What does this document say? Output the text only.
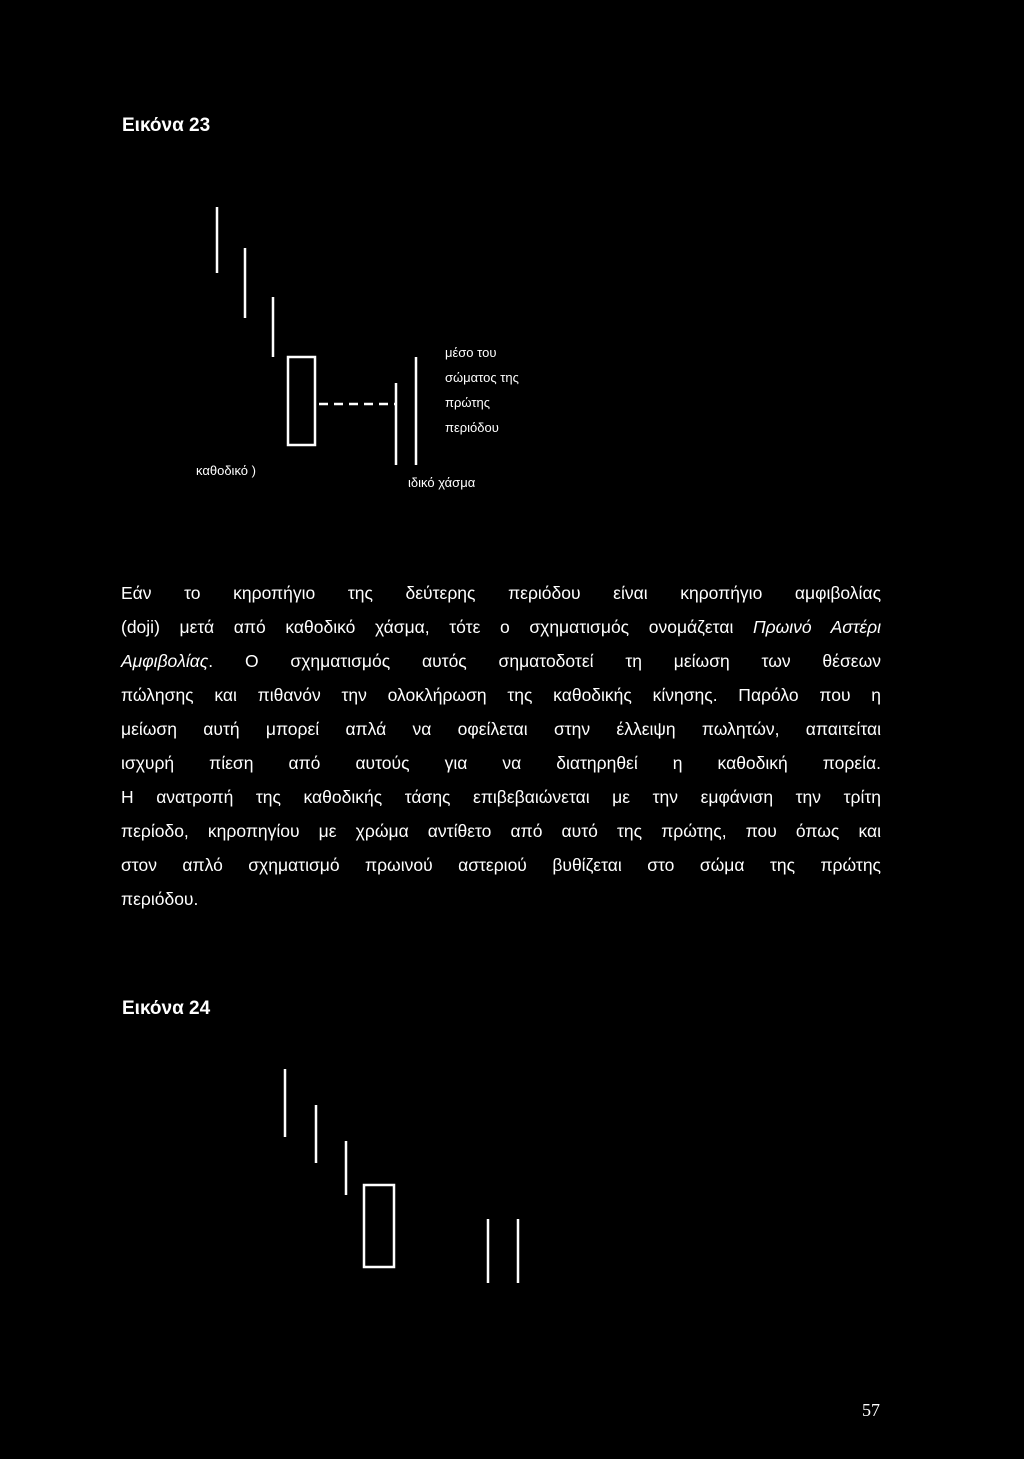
Εικόνα 23
μέσο του
σώματος της
πρώτης
περιόδου
καθοδικό )
ιδικό χάσμα
Εάν το κηροπήγιο της δεύτερης περιόδου είναι κηροπήγιο αμφιβολίας
(doji) μετά από καθοδικό χάσμα, τότε ο σχηματισμός ονομάζεται Πρωινό Αστέρι
Αμφιβολίας. Ο σχηματισμός αυτός σηματοδοτεί τη μείωση των θέσεων
πώλησης και πιθανόν την ολοκλήρωση της καθοδικής κίνησης. Παρόλο που η
μείωση αυτή μπορεί απλά να οφείλεται στην έλλειψη πωλητών, απαιτείται
ισχυρή πίεση από αυτούς για να διατηρηθεί η καθοδική πορεία.
Η ανατροπή της καθοδικής τάσης επιβεβαιώνεται με την εμφάνιση την τρίτη
περίοδο, κηροπηγίου με χρώμα αντίθετο από αυτό της πρώτης, που όπως και
στον απλό σχηματισμό πρωινού αστεριού βυθίζεται στο σώμα της πρώτης
περιόδου.
Εικόνα 24
57
